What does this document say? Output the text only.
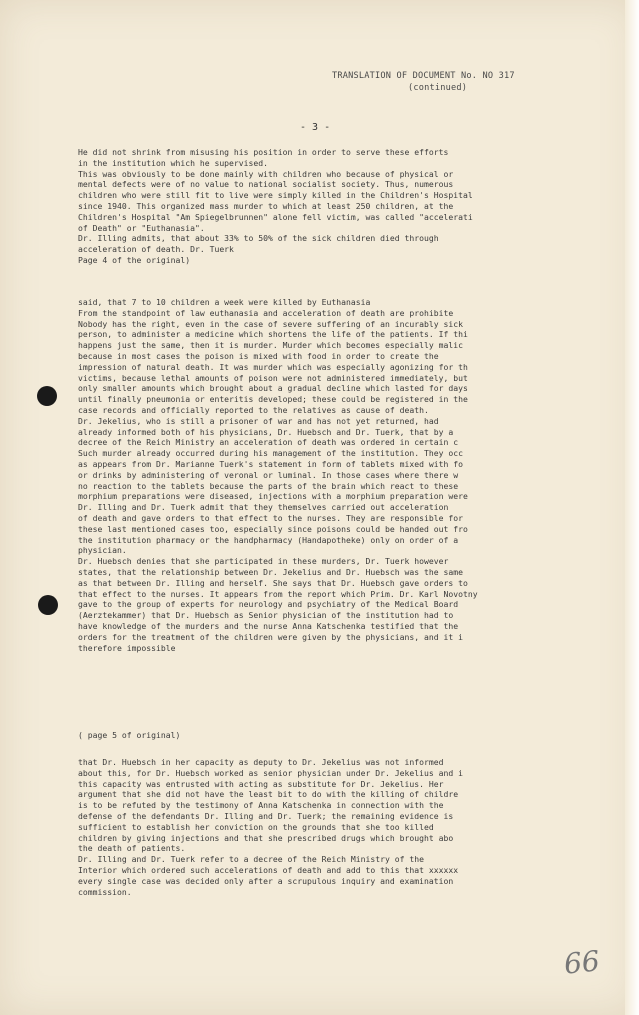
TRANSLATION OF DOCUMENT No. NO 317
(continued)
- 3 -

He did not shrink from misusing his position in order to serve these efforts

in the institution which he supervised.

This was obviously to be done mainly with children who because of physical or

mental defects were of no value to national socialist society. Thus, numerous

children who were still fit to live were simply killed in the Children's Hospital

since 1940. This organized mass murder to which at least 250 children, at the

Children's Hospital "Am Spiegelbrunnen" alone fell victim, was called "accelerati

of Death" or "Euthanasia".

Dr. Illing admits, that about 33% to 50% of the sick children died through

acceleration of death. Dr. Tuerk

Page 4 of the original)

said, that 7 to 10 children a week were killed by Euthanasia

From the standpoint of law euthanasia and acceleration of death are prohibite

Nobody has the right, even in the case of severe suffering of an incurably sick

person, to administer a medicine which shortens the life of the patients. If thi

happens just the same, then it is murder. Murder which becomes especially malic

because in most cases the poison is mixed with food in order to create the

impression of natural death. It was murder which was especially agonizing for th

victims, because lethal amounts of poison were not administered immediately, but

only smaller amounts which brought about a gradual decline which lasted for days

until finally pneumonia or enteritis developed; these could be registered in the

case records and officially reported to the relatives as cause of death.

Dr. Jekelius, who is still a prisoner of war and has not yet returned, had

already informed both of his physicians, Dr. Huebsch and Dr. Tuerk, that by a

decree of the Reich Ministry an acceleration of death was ordered in certain c

Such murder already occurred during his management of the institution. They occ

as appears from Dr. Marianne Tuerk's statement in form of tablets mixed with fo

or drinks by administering of veronal or luminal. In those cases where there w

no reaction to the tablets because the parts of the brain which react to these

morphium preparations were diseased, injections with a morphium preparation were

Dr. Illing and Dr. Tuerk admit that they themselves carried out acceleration

of death and gave orders to that effect to the nurses. They are responsible for

these last mentioned cases too, especially since poisons could be handed out fro

the institution pharmacy or the handpharmacy (Handapotheke) only on order of a

physician.

Dr. Huebsch denies that she participated in these murders, Dr. Tuerk however

states, that the relationship between Dr. Jekelius and Dr. Huebsch was the same

as that between Dr. Illing and herself. She says that Dr. Huebsch gave orders to

that effect to the nurses. It appears from the report which Prim. Dr. Karl Novotny

gave to the group of experts for neurology and psychiatry of the Medical Board

(Aerztekammer) that Dr. Huebsch as Senior physician of the institution had to

have knowledge of the murders and the nurse Anna Katschenka testified that the

orders for the treatment of the children were given by the physicians, and it i

therefore impossible

( page 5 of original)

that Dr. Huebsch in her capacity as deputy to Dr. Jekelius was not informed

about this, for Dr. Huebsch worked as senior physician under Dr. Jekelius and i

this capacity was entrusted with acting as substitute for Dr. Jekelius. Her

argument that she did not have the least bit to do with the killing of childre

is to be refuted by the testimony of Anna Katschenka in connection with the

defense of the defendants Dr. Illing and Dr. Tuerk; the remaining evidence is

sufficient to establish her conviction on the grounds that she too killed

children by giving injections and that she prescribed drugs which brought abo

the death of patients.

Dr. Illing and Dr. Tuerk refer to a decree of the Reich Ministry of the

Interior which ordered such accelerations of death and add to this that xxxxxx

every single case was decided only after a scrupulous inquiry and examination

commission.

66
